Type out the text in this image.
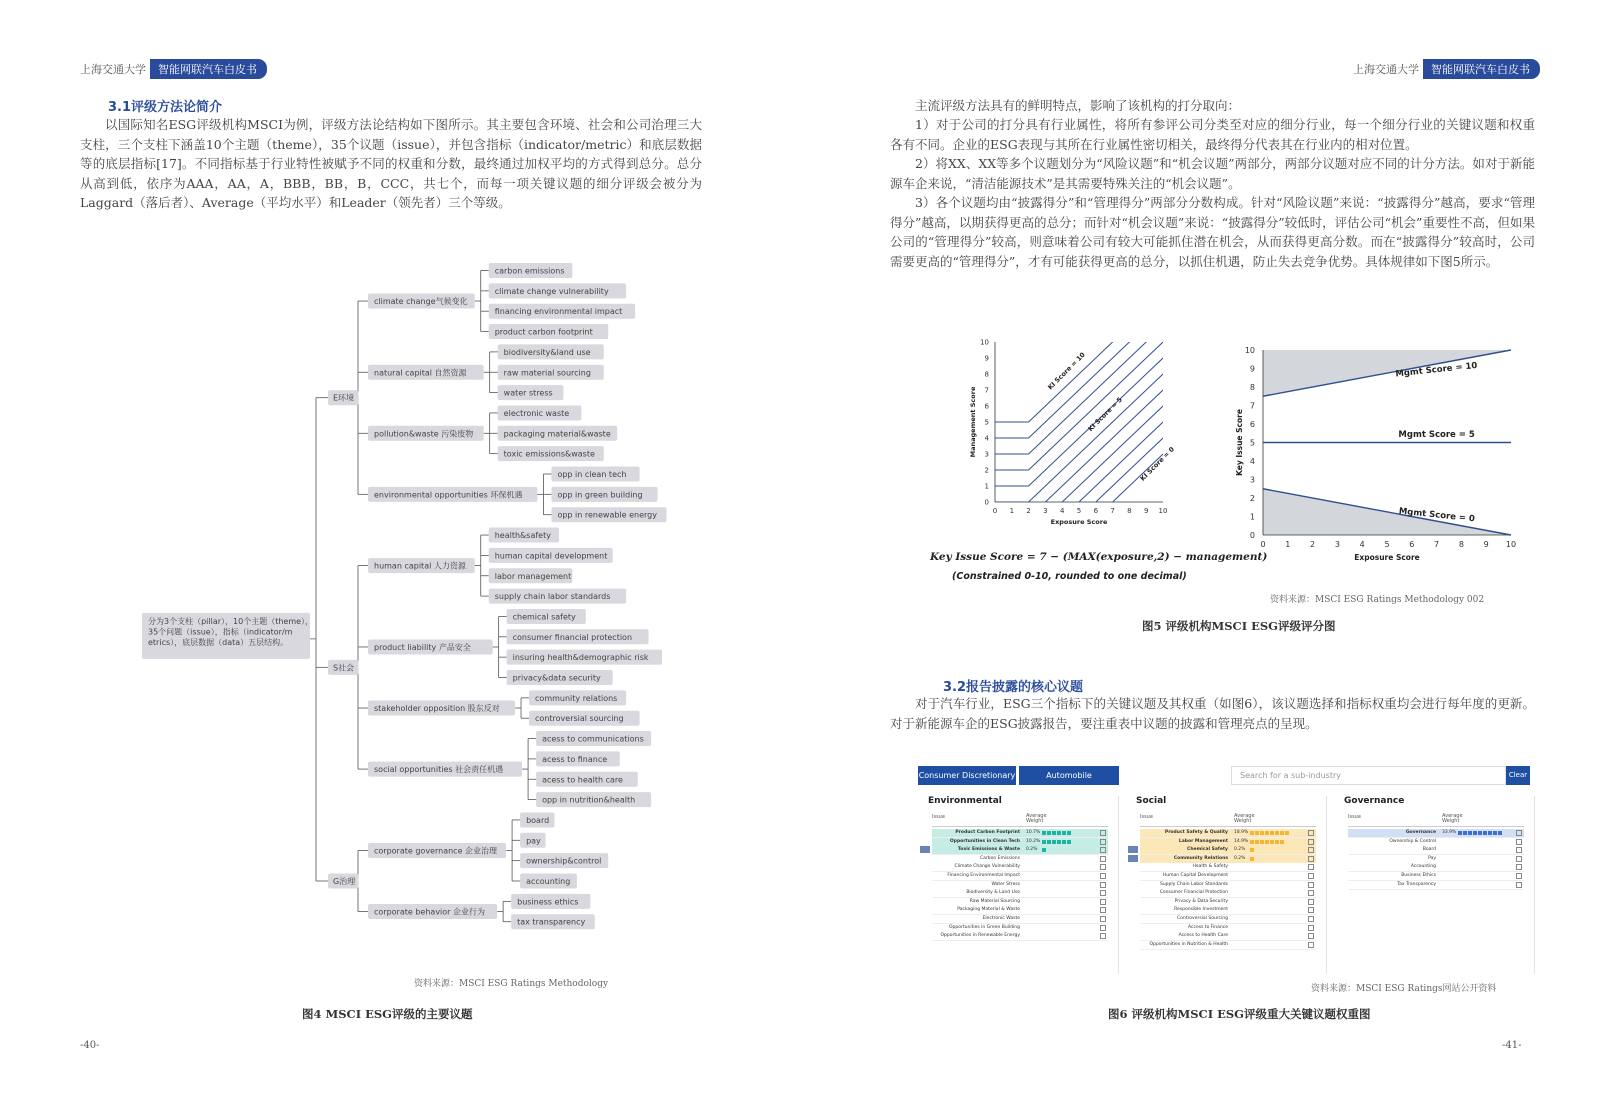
上海交通大学	智能网联汽车白皮书
3.1评级方法论简介

以国际知名ESG评级机构MSCI为例，评级方法论结构如下图所示。其主要包含环境、社会和公司治理三大支柱，三个支柱下涵盖10个主题（theme），35个议题（issue），并包含指标（indicator/metric）和底层数据等的底层指标[17]。不同指标基于行业特性被赋予不同的权重和分数，最终通过加权平均的方式得到总分。总分从高到低，依序为AAA，AA，A，BBB，BB，B，CCC，共七个，而每一项关键议题的细分评级会被分为Laggard（落后者）、Average（平均水平）和Leader（领先者）三个等级。

carbon emissions
climate change vulnerability
financing environmental impact
product carbon footprint
climate change气候变化
biodiversity&land use
raw material sourcing
water stress
natural capital 自然资源
electronic waste
packaging material&waste
toxic emissions&waste
pollution&waste 污染废物
opp in clean tech
opp in green building
opp in renewable energy
environmental opportunities 环保机遇
E环境
health&safety
human capital development
labor management
supply chain labor standards
human capital 人力资源
chemical safety
consumer financial protection
insuring health&demographic risk
privacy&data security
product liability 产品安全
community relations
controversial sourcing
stakeholder opposition 股东反对
acess to communications
acess to finance
acess to health care
opp in nutrition&health
social opportunities 社会责任机遇
S社会
board
pay
ownership&control
accounting
corporate governance 企业治理
business ethics
tax transparency
corporate behavior 企业行为
G治理
分为3个支柱（pillar），10个主题（theme）， 35个问题（issue），指标（indicator/m etrics），底层数据（data）五层结构。
资料来源：MSCI ESG Ratings Methodology
图4 MSCI ESG评级的主要议题
-40-
上海交通大学	智能网联汽车白皮书

主流评级方法具有的鲜明特点，影响了该机构的打分取向：

1）对于公司的打分具有行业属性，将所有参评公司分类至对应的细分行业，每一个细分行业的关键议题和权重各有不同。企业的ESG表现与其所在行业属性密切相关，最终得分代表其在行业内的相对位置。

2）将XX、XX等多个议题划分为“风险议题”和“机会议题”两部分，两部分议题对应不同的计分方法。如对于新能源车企来说，“清洁能源技术”是其需要特殊关注的“机会议题”。

3）各个议题均由“披露得分”和“管理得分”两部分分数构成。针对“风险议题”来说：“披露得分”越高，要求“管理得分”越高，以期获得更高的总分；而针对“机会议题”来说：“披露得分”较低时，评估公司“机会”重要性不高，但如果公司的“管理得分”较高，则意味着公司有较大可能抓住潜在机会，从而获得更高分数。而在“披露得分”较高时，公司需要更高的“管理得分”，才有可能获得更高的总分，以抓住机遇，防止失去竞争优势。具体规律如下图5所示。

0 1 2 3 4 5 6 7 8 9 10
0
1
2
3
4
5
6
7
8
9
10
Exposure Score
Management Score
KI Score = 10
KI Score = 5
KI Score = 0
Key Issue Score = 7 − (MAX(exposure,2) − management)
(Constrained 0-10, rounded to one decimal)
0 1 2 3 4 5 6 7 8 9 10
0
1
2
3
4
5
6
7
8
9
10
Exposure Score
Key Issue Score
Mgmt Score = 10
Mgmt Score = 5
Mgmt Score = 0
资料来源：MSCI ESG Ratings Methodology 002
图5 评级机构MSCI ESG评级评分图
3.2报告披露的核心议题

对于汽车行业，ESG三个指标下的关键议题及其权重（如图6），该议题选择和指标权重均会进行每年度的更新。对于新能源车企的ESG披露报告，要注重表中议题的披露和管理亮点的呈现。

Consumer Discretionary	Automobile Manufacturers
Search for a sub-industry	Clear
Environmental
Issue	Average Weight
Product Carbon Footprint 10.7%
Opportunities in Clean Tech 10.2%
Toxic Emissions & Waste 0.2%
Carbon Emissions
Climate Change Vulnerability
Financing Environmental Impact
Water Stress
Biodiversity & Land Use
Raw Material Sourcing
Packaging Material & Waste
Electronic Waste
Opportunities in Green Building
Opportunities in Renewable Energy
Social
Issue	Average Weight
Product Safety & Quality 18.9%
Labor Management 14.9%
Chemical Safety 0.2%
Community Relations 0.2%
Health & Safety
Human Capital Development
Supply Chain Labor Standards
Consumer Financial Protection
Privacy & Data Security
Responsible Investment
Controversial Sourcing
Access to Finance
Access to Health Care
Opportunities in Nutrition & Health
Governance
Issue	Average Weight
Governance 33.9%
Ownership & Control
Board
Pay
Accounting
Business Ethics
Tax Transparency
资料来源：MSCI ESG Ratings网站公开资料
图6 评级机构MSCI ESG评级重大关键议题权重图
-41-
